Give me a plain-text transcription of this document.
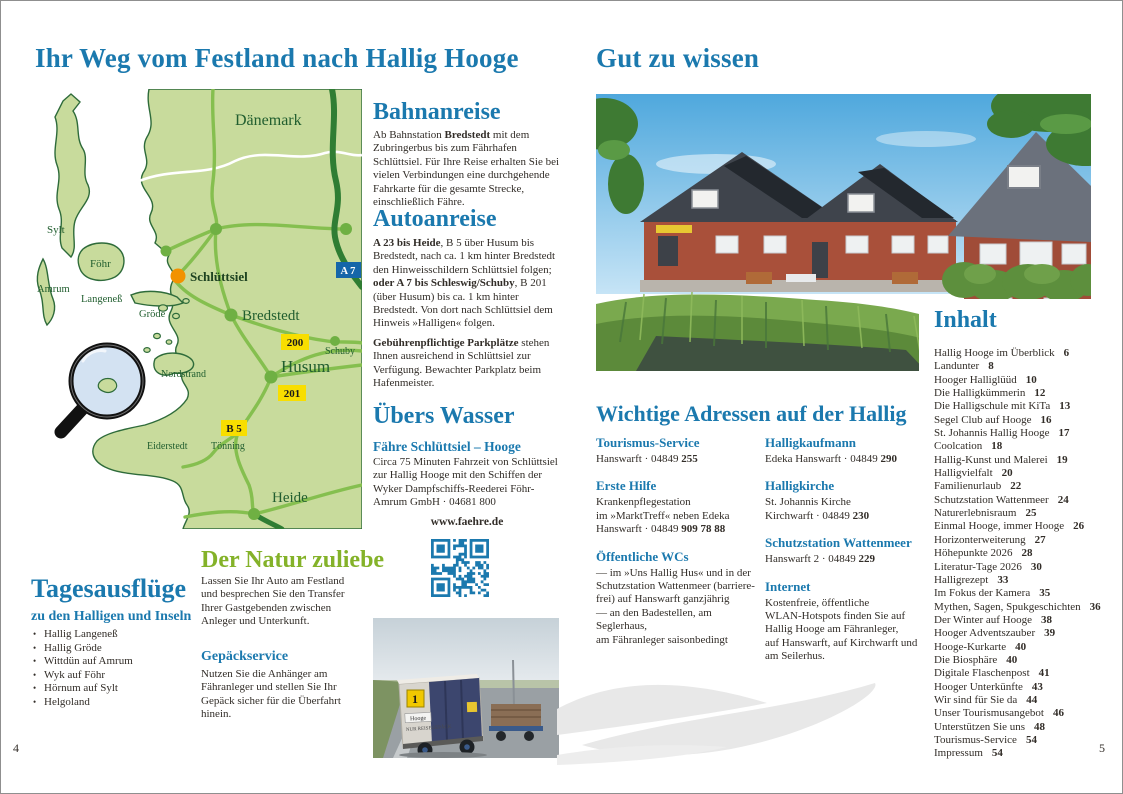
Ihr Weg vom Festland nach Hallig Hooge
200
201
B 5
A 7
Dänemark
Sylt
Föhr
Amrum
Langeneß
Gröde
Nordstrand
Eiderstedt Tönning
Schuby
Schlüttsiel
Bredstedt
Husum
Heide
Bahnanreise

Ab Bahnstation Bredstedt mit dem Zubringerbus bis zum Fährhafen Schlüttsiel. Für Ihre Reise erhalten Sie bei vielen Verbindungen eine durchgehende Fahrkarte für die gesamte Strecke, einschließlich Fähre.

Autoanreise

A 23 bis Heide, B 5 über Husum bis Bredstedt, nach ca. 1 km hinter Bredstedt den Hinweisschildern Schlüttsiel folgen; oder A 7 bis Schleswig/Schuby, B 201 (über Husum) bis ca. 1 km hinter Bredstedt. Von dort nach Schlüttsiel dem Hinweis »Halligen« folgen.

Gebührenpflichtige Parkplätze stehen Ihnen ausreichend in Schlüttsiel zur Verfügung. Bewachter Parkplatz beim Hafenmeister.

Übers Wasser
Fähre Schlüttsiel – Hooge

Circa 75 Minuten Fahrzeit von Schlüttsiel zur Hallig Hooge mit den Schiffen der Wyker Dampfschiffs-Reederei Föhr-Amrum GmbH · 04681 800

www.faehre.de
1
Hooge
NUR REISEGEPÄCK
Tagesausflüge
zu den Halligen und Inseln
• Hallig Langeneß
• Hallig Gröde
• Wittdün auf Amrum
• Wyk auf Föhr
• Hörnum auf Sylt
• Helgoland
Der Natur zuliebe

Lassen Sie Ihr Auto am Festland und besprechen Sie den Transfer Ihrer Gastgebenden zwischen Anleger und Unterkunft.

Gepäckservice

Nutzen Sie die Anhänger am Fähranleger und stellen Sie Ihr Gepäck sicher für die Überfahrt hinein.

4
Gut zu wissen
Inhalt
Hallig Hooge im Überblick 6
Landunter 8
Hooger Halliglüüd 10
Die Halligkümmerin 12
Die Halligschule mit KiTa 13
Segel Club auf Hooge 16
St. Johannis Hallig Hooge 17
Coolcation 18
Hallig-Kunst und Malerei 19
Halligvielfalt 20
Familienurlaub 22
Schutzstation Wattenmeer 24
Naturerlebnisraum 25
Einmal Hooge, immer Hooge 26
Horizonterweiterung 27
Höhepunkte 2026 28
Literatur-Tage 2026 30
Halligrezept 33
Im Fokus der Kamera 35
Mythen, Sagen, Spukgeschichten 36
Der Winter auf Hooge 38
Hooger Adventszauber 39
Hooge-Kurkarte 40
Die Biosphäre 40
Digitale Flaschenpost 41
Hooger Unterkünfte 43
Wir sind für Sie da 44
Unser Tourismusangebot 46
Unterstützen Sie uns 48
Tourismus-Service 54
Impressum 54
Wichtige Adressen auf der Hallig
Tourismus-Service
Hanswarft · 04849 255
Erste Hilfe
Krankenpflegestation
im »MarktTreff« neben Edeka
Hanswarft · 04849 909 78 88
Öffentliche WCs
— im »Uns Hallig Hus« und in der
Schutzstation Wattenmeer (barriere-
frei) auf Hanswarft ganzjährig
— an den Badestellen, am Seglerhaus,
am Fähranleger saisonbedingt
Halligkaufmann
Edeka Hanswarft · 04849 290
Halligkirche
St. Johannis Kirche
Kirchwarft · 04849 230
Schutzstation Wattenmeer
Hanswarft 2 · 04849 229
Internet
Kostenfreie, öffentliche
WLAN-Hotspots finden Sie auf
Hallig Hooge am Fähranleger,
auf Hanswarft, auf Kirchwarft und
am Seilerhus.
5
